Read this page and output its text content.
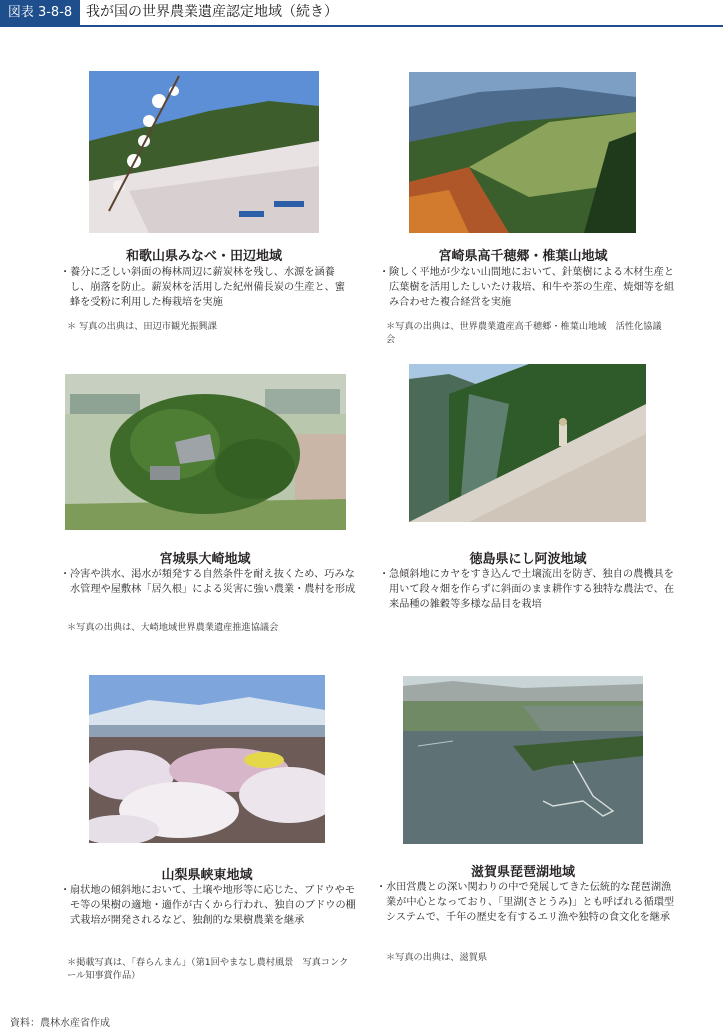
図表 3-8-8 我が国の世界農業遺産認定地域（続き）
和歌山県みなべ・田辺地域
・ 養分に乏しい斜面の梅林周辺に薪炭林を残し、水源を涵養し、崩落を防止。薪炭林を活用した紀州備長炭の生産と、蜜蜂を受粉に利用した梅栽培を実施
＊ 写真の出典は、田辺市観光振興課
宮崎県高千穂郷・椎葉山地域
・ 険しく平地が少ない山間地において、針葉樹による木材生産と広葉樹を活用したしいたけ栽培、和牛や茶の生産、焼畑等を組み合わせた複合経営を実施
＊写真の出典は、世界農業遺産高千穂郷・椎葉山地域　活性化協議会
宮城県大崎地域
・ 冷害や洪水、渇水が頻発する自然条件を耐え抜くため、巧みな水管理や屋敷林「居久根」による災害に強い農業・農村を形成
＊写真の出典は、大崎地域世界農業遺産推進協議会
徳島県にし阿波地域
・ 急傾斜地にカヤをすき込んで土壌流出を防ぎ、独自の農機具を用いて段々畑を作らずに斜面のまま耕作する独特な農法で、在来品種の雑穀等多様な品目を栽培
山梨県峡東地域
・ 扇状地の傾斜地において、土壌や地形等に応じた、ブドウやモモ等の果樹の適地・適作が古くから行われ、独自のブドウの棚式栽培が開発されるなど、独創的な果樹農業を継承
＊掲載写真は、「春らんまん」（第1回やまなし農村風景　写真コンクール知事賞作品）
滋賀県琵琶湖地域
・ 水田営農との深い関わりの中で発展してきた伝統的な琵琶湖漁業が中心となっており、「里湖(さとうみ)」とも呼ばれる循環型システムで、千年の歴史を有するエリ漁や独特の食文化を継承
＊写真の出典は、滋賀県
資料：農林水産省作成
